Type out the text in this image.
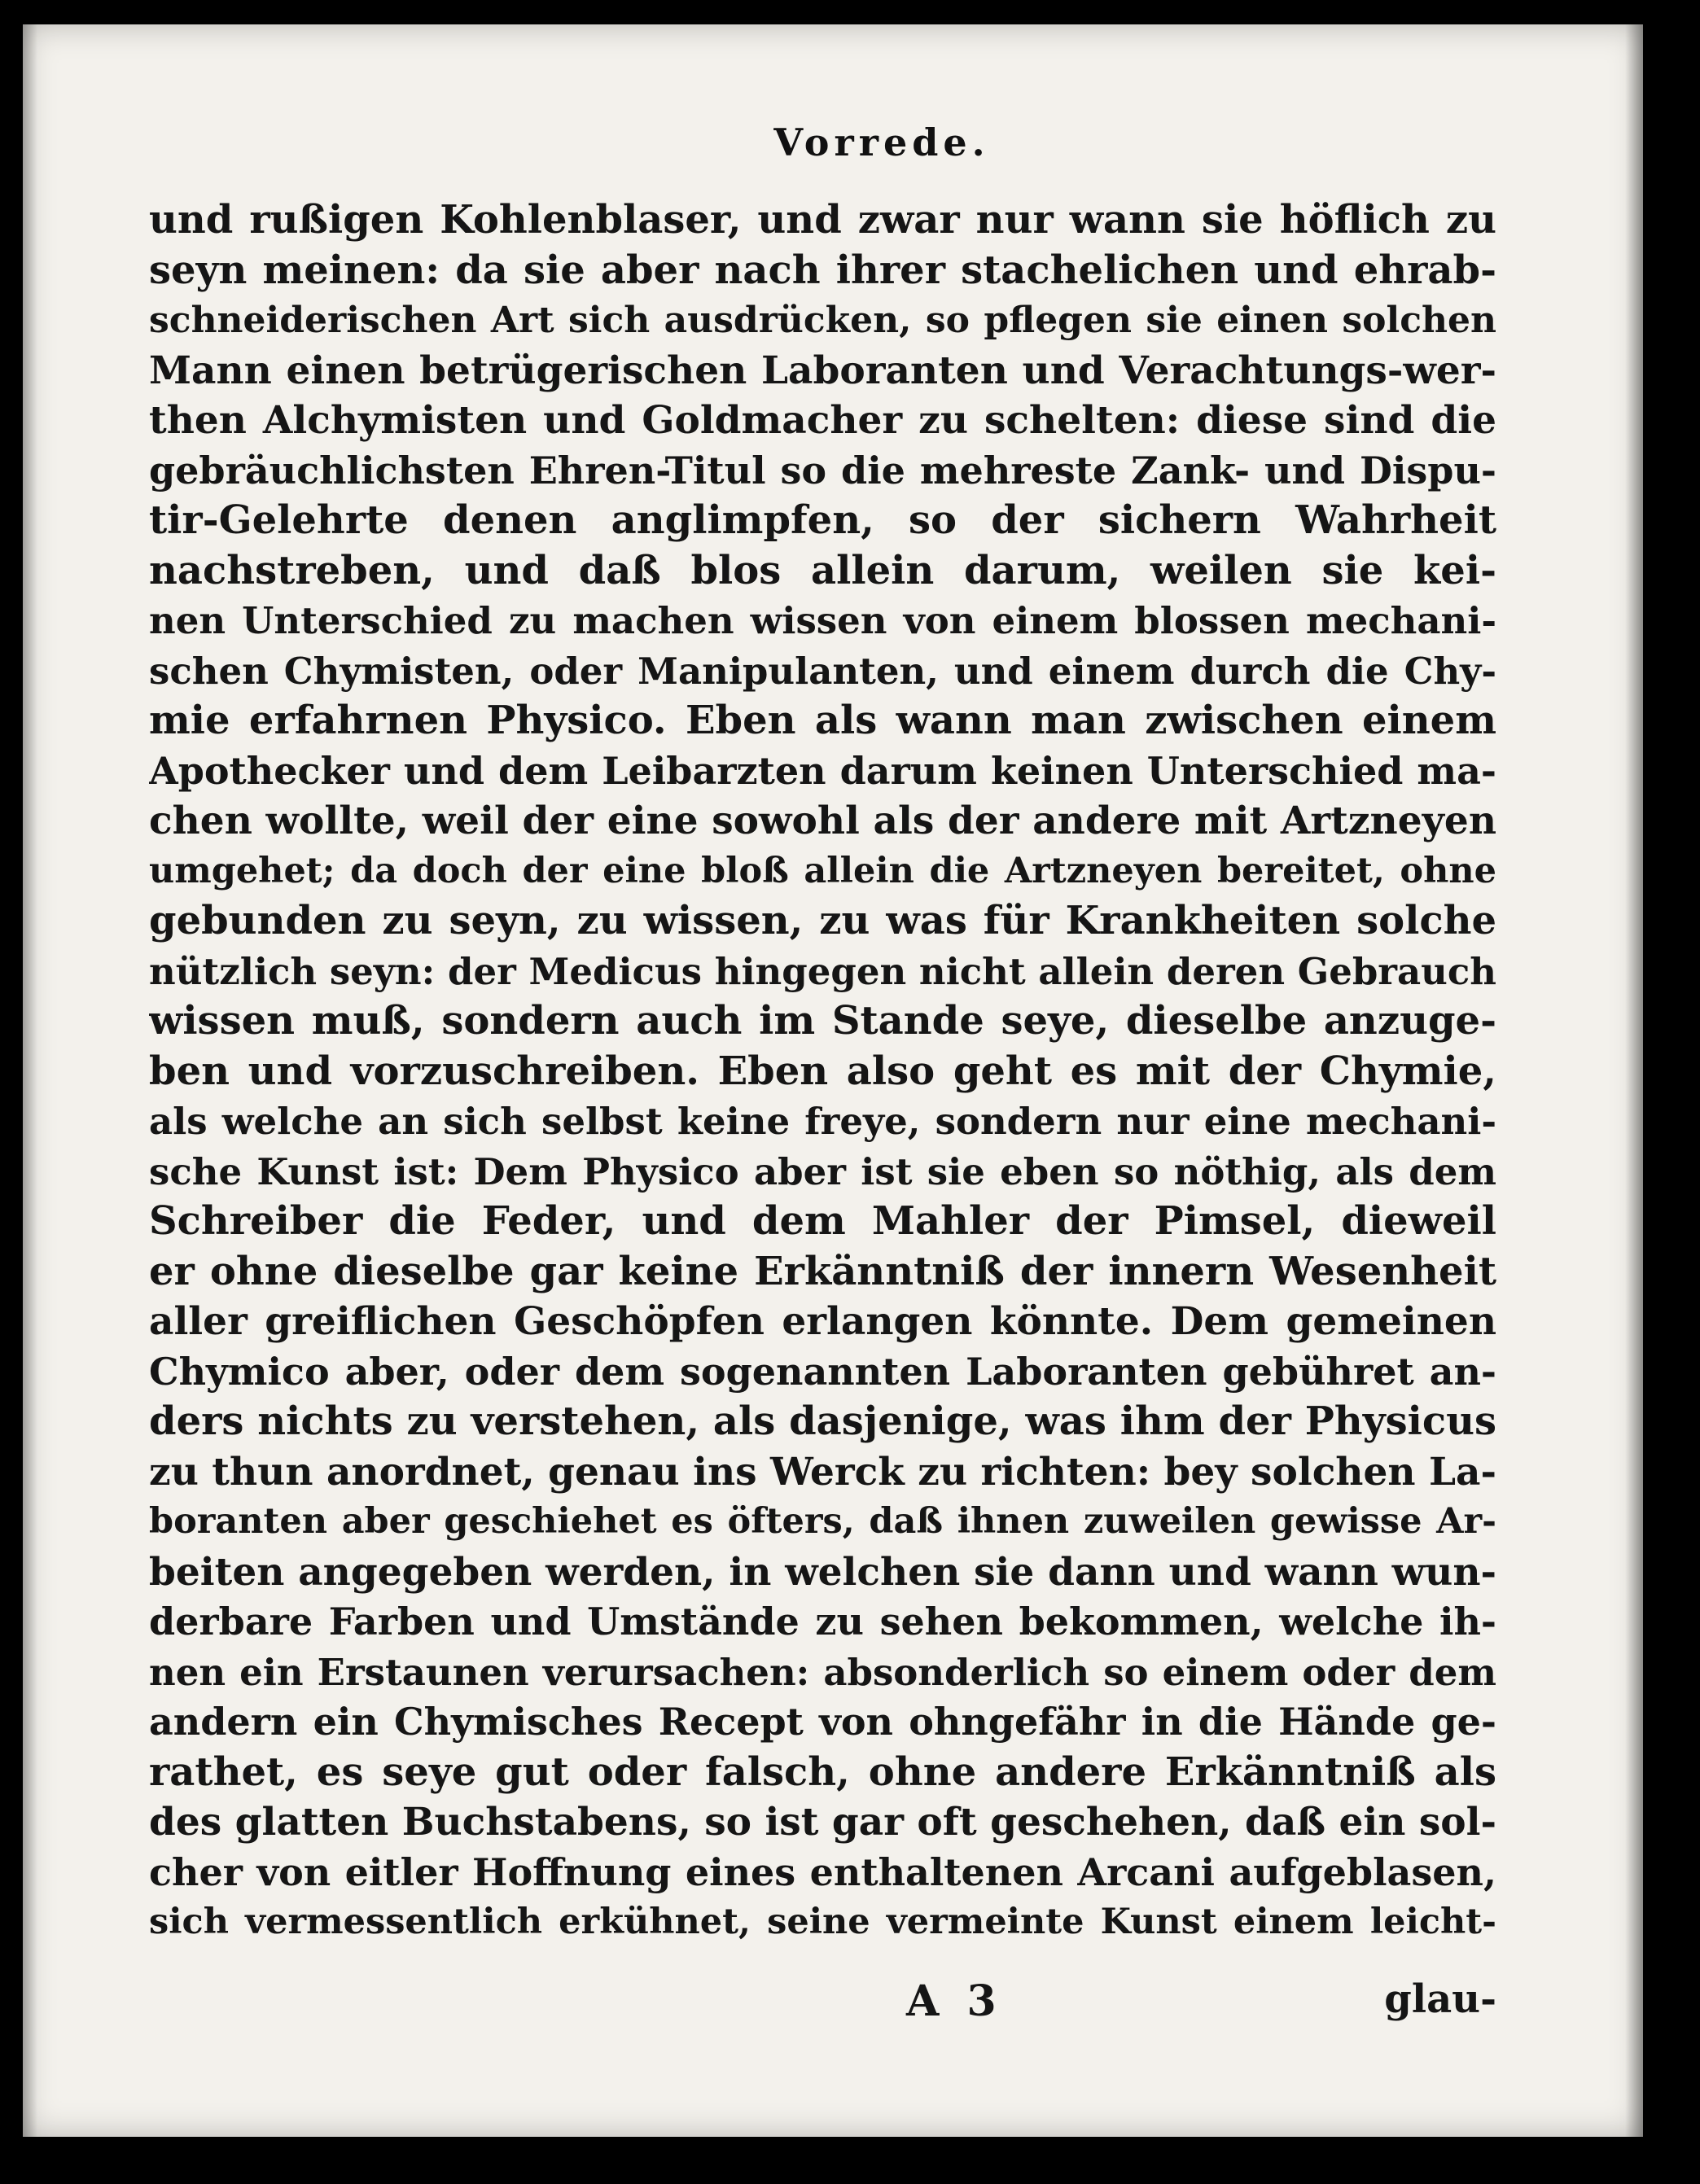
Vorrede.
und rußigen Kohlenblaser, und zwar nur wann sie höflich zu
seyn meinen: da sie aber nach ihrer stachelichen und ehrab-
schneiderischen Art sich ausdrücken, so pflegen sie einen solchen
Mann einen betrügerischen Laboranten und Verachtungs-wer-
then Alchymisten und Goldmacher zu schelten: diese sind die
gebräuchlichsten Ehren-Titul so die mehreste Zank- und Dispu-
tir-Gelehrte denen anglimpfen, so der sichern Wahrheit
nachstreben, und daß blos allein darum, weilen sie kei-
nen Unterschied zu machen wissen von einem blossen mechani-
schen Chymisten, oder Manipulanten, und einem durch die Chy-
mie erfahrnen Physico. Eben als wann man zwischen einem
Apothecker und dem Leibarzten darum keinen Unterschied ma-
chen wollte, weil der eine sowohl als der andere mit Artzneyen
umgehet; da doch der eine bloß allein die Artzneyen bereitet, ohne
gebunden zu seyn, zu wissen, zu was für Krankheiten solche
nützlich seyn: der Medicus hingegen nicht allein deren Gebrauch
wissen muß, sondern auch im Stande seye, dieselbe anzuge-
ben und vorzuschreiben. Eben also geht es mit der Chymie,
als welche an sich selbst keine freye, sondern nur eine mechani-
sche Kunst ist: Dem Physico aber ist sie eben so nöthig, als dem
Schreiber die Feder, und dem Mahler der Pimsel, dieweil
er ohne dieselbe gar keine Erkänntniß der innern Wesenheit
aller greiflichen Geschöpfen erlangen könnte. Dem gemeinen
Chymico aber, oder dem sogenannten Laboranten gebühret an-
ders nichts zu verstehen, als dasjenige, was ihm der Physicus
zu thun anordnet, genau ins Werck zu richten: bey solchen La-
boranten aber geschiehet es öfters, daß ihnen zuweilen gewisse Ar-
beiten angegeben werden, in welchen sie dann und wann wun-
derbare Farben und Umstände zu sehen bekommen, welche ih-
nen ein Erstaunen verursachen: absonderlich so einem oder dem
andern ein Chymisches Recept von ohngefähr in die Hände ge-
rathet, es seye gut oder falsch, ohne andere Erkänntniß als
des glatten Buchstabens, so ist gar oft geschehen, daß ein sol-
cher von eitler Hoffnung eines enthaltenen Arcani aufgeblasen,
sich vermessentlich erkühnet, seine vermeinte Kunst einem leicht-
A 3	glau-
